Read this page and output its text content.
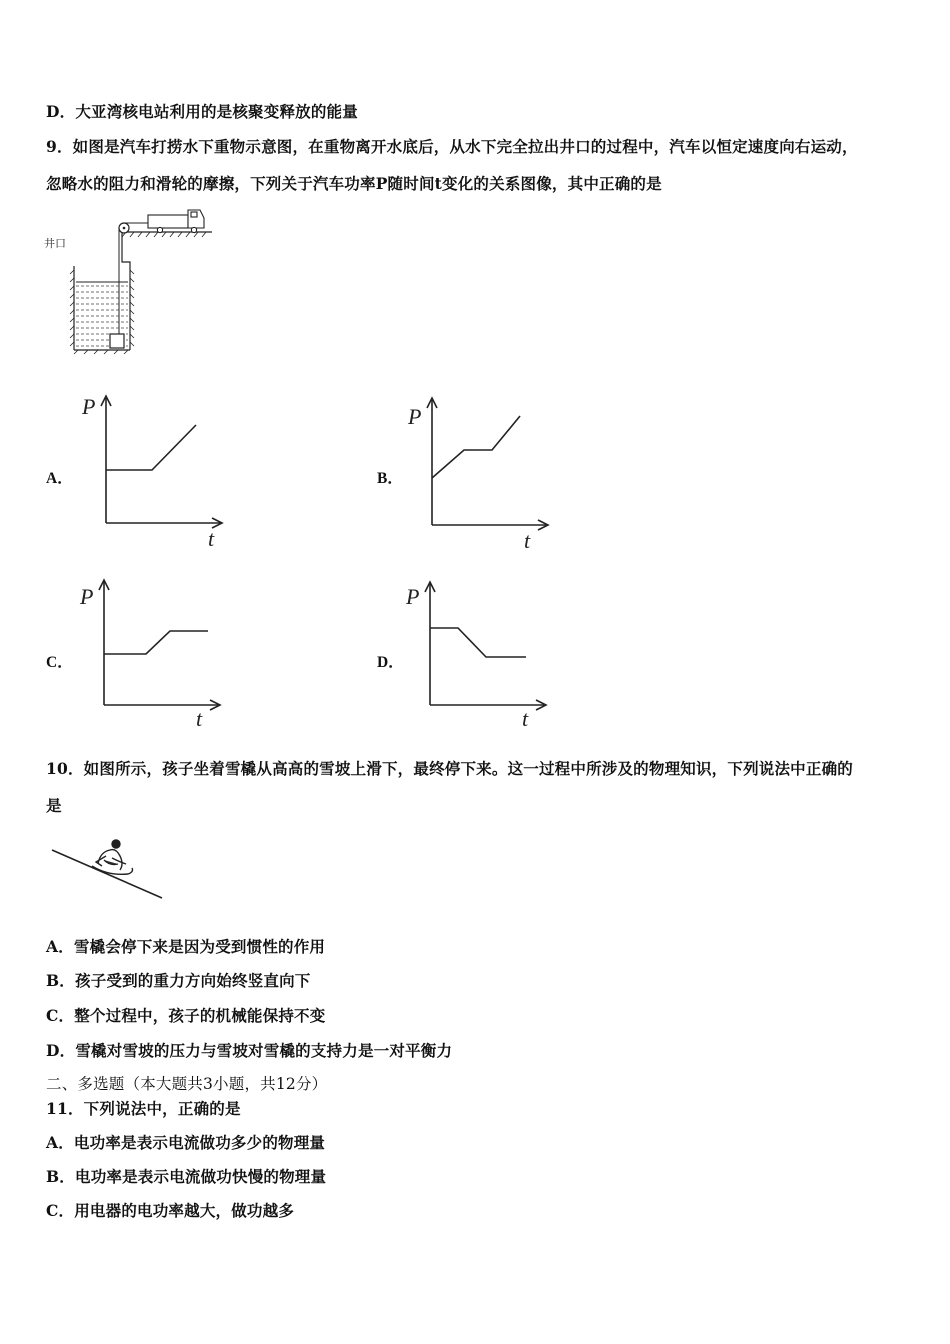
D．大亚湾核电站利用的是核聚变释放的能量
9．如图是汽车打捞水下重物示意图，在重物离开水底后，从水下完全拉出井口的过程中，汽车以恒定速度向右运动，
忽略水的阻力和滑轮的摩擦，下列关于汽车功率P随时间t变化的关系图像，其中正确的是
井口
A．
P
t
B．
P
t
C．
P
t
D．
P
t
10．如图所示，孩子坐着雪橇从高高的雪坡上滑下，最终停下来。这一过程中所涉及的物理知识，下列说法中正确的
是
A．雪橇会停下来是因为受到惯性的作用
B．孩子受到的重力方向始终竖直向下
C．整个过程中，孩子的机械能保持不变
D．雪橇对雪坡的压力与雪坡对雪橇的支持力是一对平衡力
二、多选题（本大题共3小题，共12分）
11．下列说法中，正确的是
A．电功率是表示电流做功多少的物理量
B．电功率是表示电流做功快慢的物理量
C．用电器的电功率越大，做功越多
